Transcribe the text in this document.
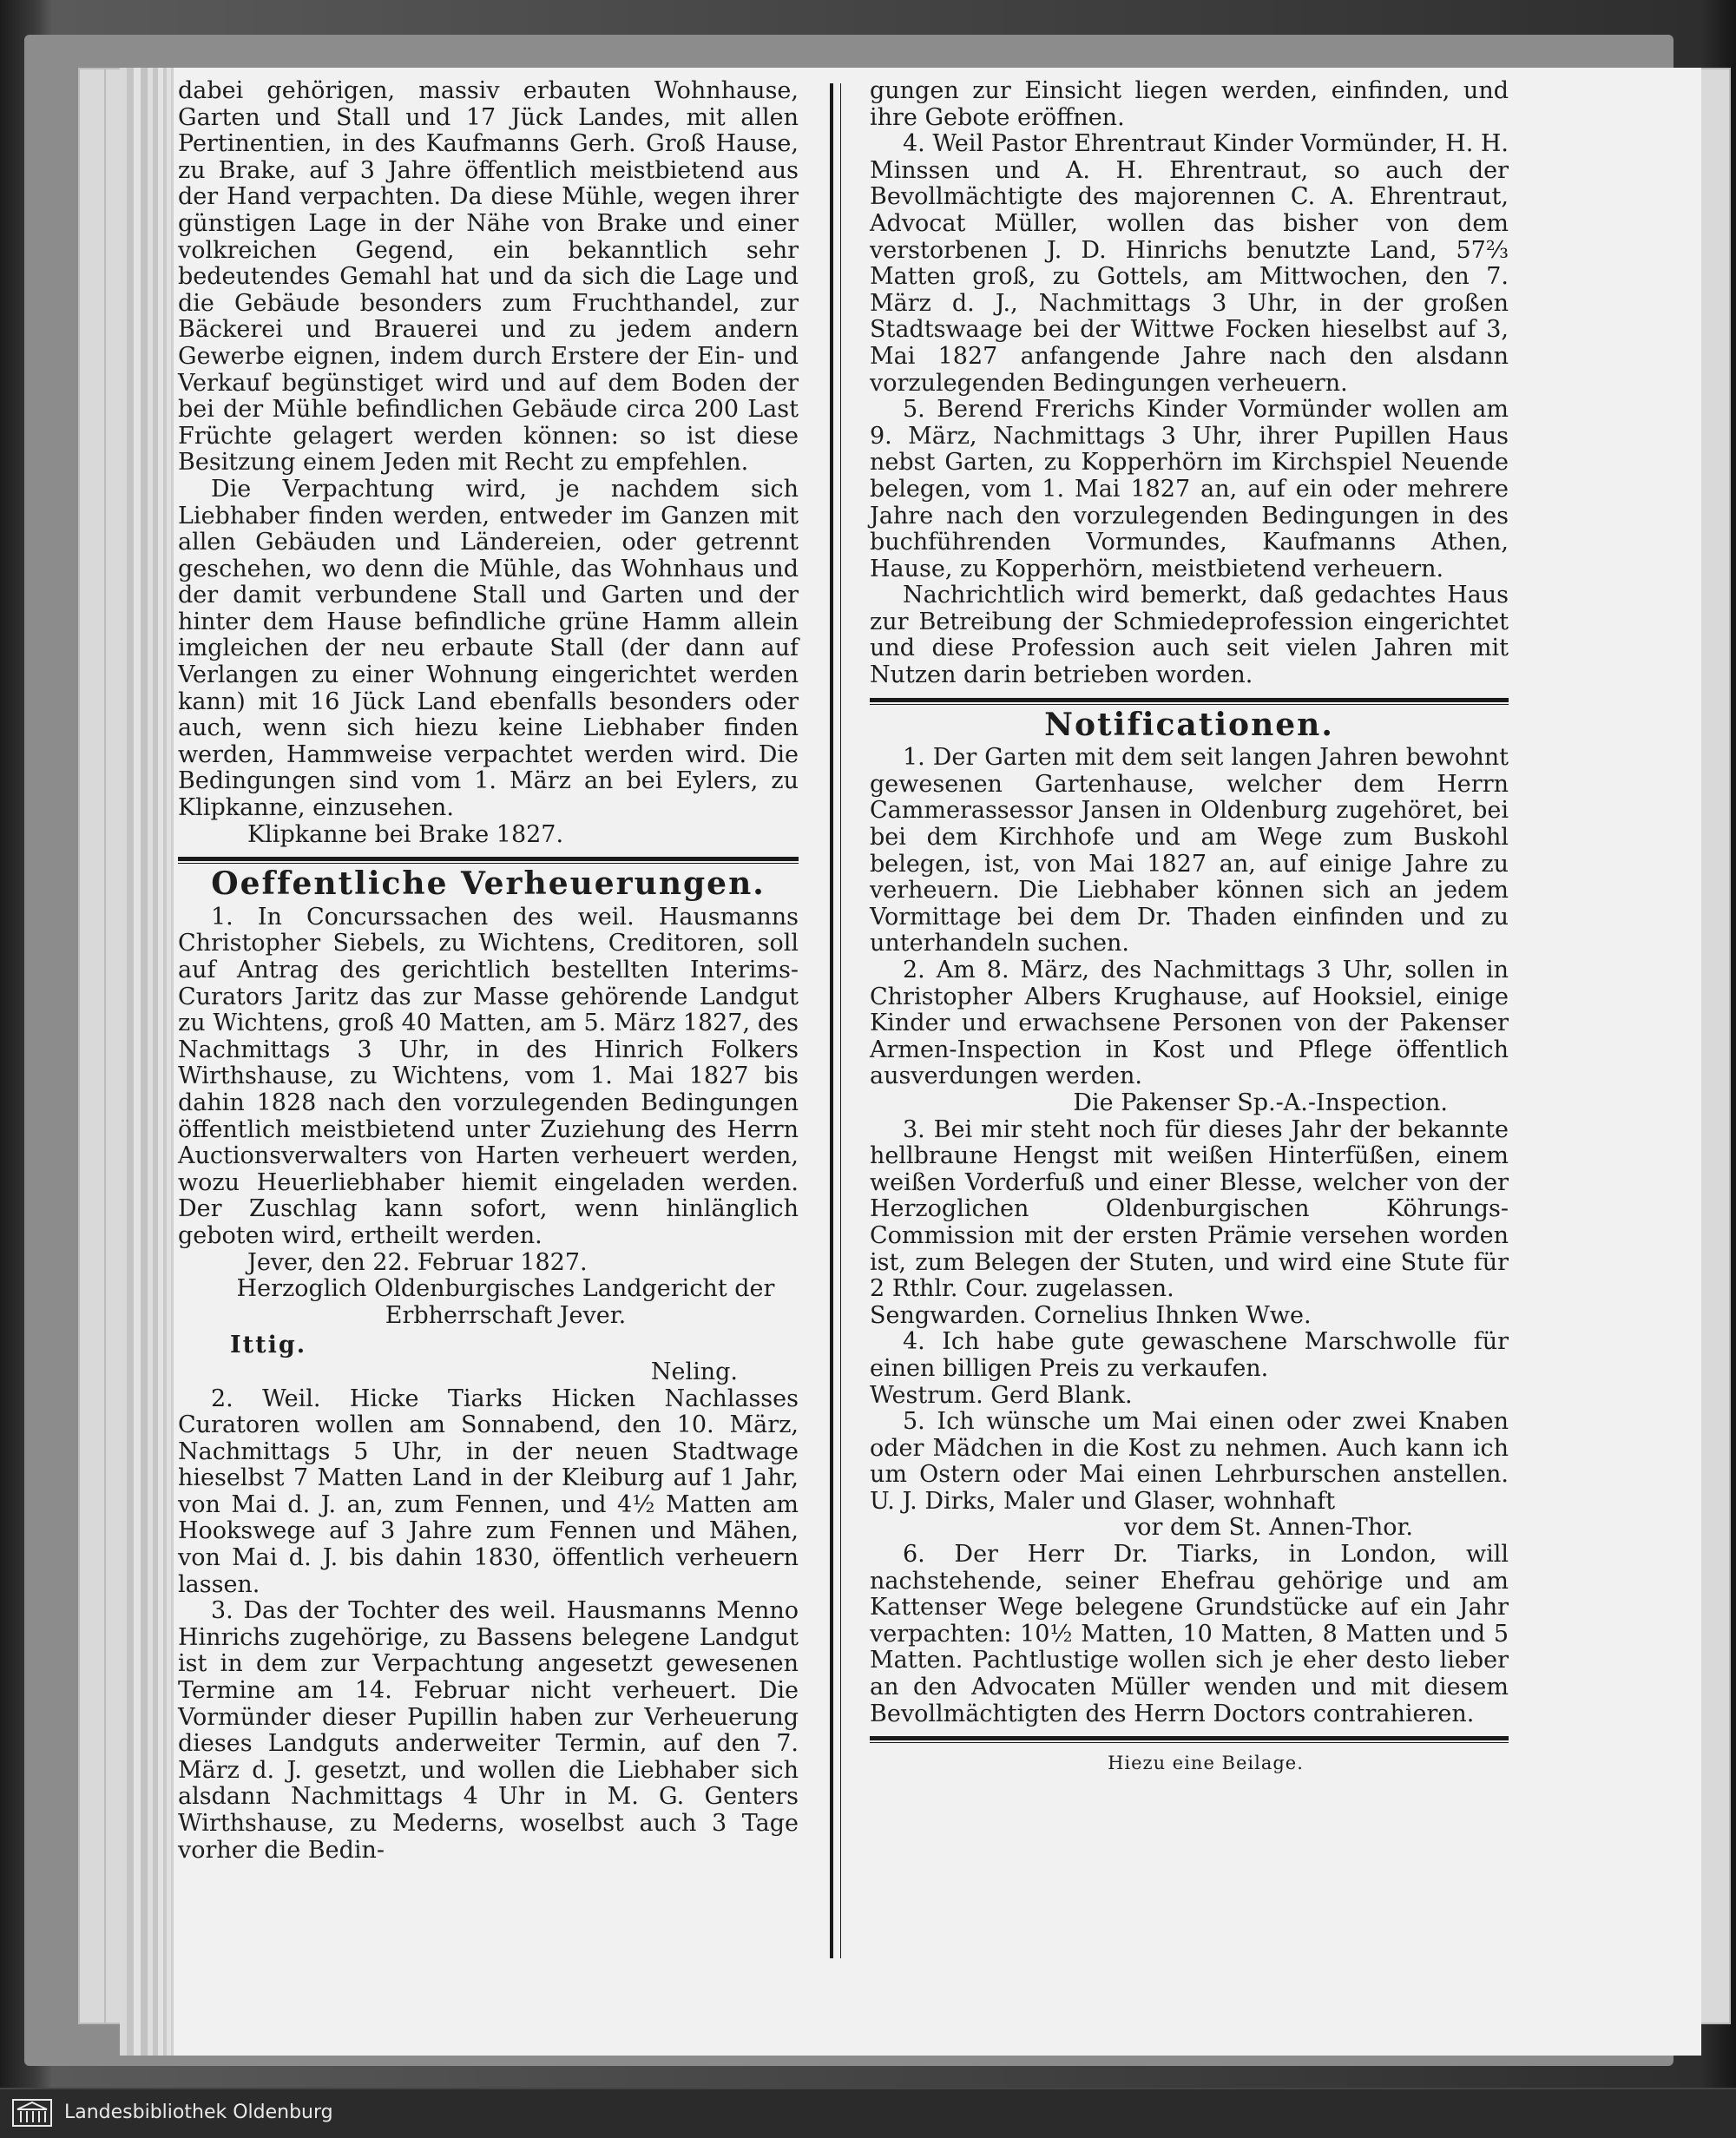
dabei gehörigen, massiv erbauten Wohnhause, Garten und Stall und 17 Jück Landes, mit allen Pertinentien, in des Kaufmanns Gerh. Groß Hause, zu Brake, auf 3 Jahre öffentlich meistbietend aus der Hand verpachten. Da diese Mühle, wegen ihrer günstigen Lage in der Nähe von Brake und einer volkreichen Gegend, ein bekanntlich sehr bedeutendes Gemahl hat und da sich die Lage und die Gebäude besonders zum Fruchthandel, zur Bäckerei und Brauerei und zu jedem andern Gewerbe eignen, indem durch Erstere der Ein- und Verkauf begünstiget wird und auf dem Boden der bei der Mühle befindlichen Gebäude circa 200 Last Früchte gelagert werden können: so ist diese Besitzung einem Jeden mit Recht zu empfehlen.

Die Verpachtung wird, je nachdem sich Liebhaber finden werden, entweder im Ganzen mit allen Gebäuden und Ländereien, oder getrennt geschehen, wo denn die Mühle, das Wohnhaus und der damit verbundene Stall und Garten und der hinter dem Hause befindliche grüne Hamm allein imgleichen der neu erbaute Stall (der dann auf Verlangen zu einer Wohnung eingerichtet werden kann) mit 16 Jück Land ebenfalls besonders oder auch, wenn sich hiezu keine Liebhaber finden werden, Hammweise verpachtet werden wird. Die Bedingungen sind vom 1. März an bei Eylers, zu Klipkanne, einzusehen.

Klipkanne bei Brake 1827.

Oeffentliche Verheuerungen.

1. In Concurssachen des weil. Hausmanns Christopher Siebels, zu Wichtens, Creditoren, soll auf Antrag des gerichtlich bestellten Interims-Curators Jaritz das zur Masse gehörende Landgut zu Wichtens, groß 40 Matten, am 5. März 1827, des Nachmittags 3 Uhr, in des Hinrich Folkers Wirthshause, zu Wichtens, vom 1. Mai 1827 bis dahin 1828 nach den vorzulegenden Bedingungen öffentlich meistbietend unter Zuziehung des Herrn Auctionsverwalters von Harten verheuert werden, wozu Heuerliebhaber hiemit eingeladen werden. Der Zuschlag kann sofort, wenn hinlänglich geboten wird, ertheilt werden.

Jever, den 22. Februar 1827.

Herzoglich Oldenburgisches Landgericht der Erbherrschaft Jever.

Ittig.

Neling.

2. Weil. Hicke Tiarks Hicken Nachlasses Curatoren wollen am Sonnabend, den 10. März, Nachmittags 5 Uhr, in der neuen Stadtwage hieselbst 7 Matten Land in der Kleiburg auf 1 Jahr, von Mai d. J. an, zum Fennen, und 4½ Matten am Hookswege auf 3 Jahre zum Fennen und Mähen, von Mai d. J. bis dahin 1830, öffentlich verheuern lassen.

3. Das der Tochter des weil. Hausmanns Menno Hinrichs zugehörige, zu Bassens belegene Landgut ist in dem zur Verpachtung angesetzt gewesenen Termine am 14. Februar nicht verheuert. Die Vormünder dieser Pupillin haben zur Verheuerung dieses Landguts anderweiter Termin, auf den 7. März d. J. gesetzt, und wollen die Liebhaber sich alsdann Nachmittags 4 Uhr in M. G. Genters Wirthshause, zu Mederns, woselbst auch 3 Tage vorher die Bedin-

gungen zur Einsicht liegen werden, einfinden, und ihre Gebote eröffnen.

4. Weil Pastor Ehrentraut Kinder Vormünder, H. H. Minssen und A. H. Ehrentraut, so auch der Bevollmächtigte des majorennen C. A. Ehrentraut, Advocat Müller, wollen das bisher von dem verstorbenen J. D. Hinrichs benutzte Land, 57⅔ Matten groß, zu Gottels, am Mittwochen, den 7. März d. J., Nachmittags 3 Uhr, in der großen Stadtswaage bei der Wittwe Focken hieselbst auf 3, Mai 1827 anfangende Jahre nach den alsdann vorzulegenden Bedingungen verheuern.

5. Berend Frerichs Kinder Vormünder wollen am 9. März, Nachmittags 3 Uhr, ihrer Pupillen Haus nebst Garten, zu Kopperhörn im Kirchspiel Neuende belegen, vom 1. Mai 1827 an, auf ein oder mehrere Jahre nach den vorzulegenden Bedingungen in des buchführenden Vormundes, Kaufmanns Athen, Hause, zu Kopperhörn, meistbietend verheuern.

Nachrichtlich wird bemerkt, daß gedachtes Haus zur Betreibung der Schmiedeprofession eingerichtet und diese Profession auch seit vielen Jahren mit Nutzen darin betrieben worden.

Notificationen.

1. Der Garten mit dem seit langen Jahren bewohnt gewesenen Gartenhause, welcher dem Herrn Cammerassessor Jansen in Oldenburg zugehöret, bei bei dem Kirchhofe und am Wege zum Buskohl belegen, ist, von Mai 1827 an, auf einige Jahre zu verheuern. Die Liebhaber können sich an jedem Vormittage bei dem Dr. Thaden einfinden und zu unterhandeln suchen.

2. Am 8. März, des Nachmittags 3 Uhr, sollen in Christopher Albers Krughause, auf Hooksiel, einige Kinder und erwachsene Personen von der Pakenser Armen-Inspection in Kost und Pflege öffentlich ausverdungen werden.

Die Pakenser Sp.-A.-Inspection.

3. Bei mir steht noch für dieses Jahr der bekannte hellbraune Hengst mit weißen Hinterfüßen, einem weißen Vorderfuß und einer Blesse, welcher von der Herzoglichen Oldenburgischen Köhrungs-Commission mit der ersten Prämie versehen worden ist, zum Belegen der Stuten, und wird eine Stute für 2 Rthlr. Cour. zugelassen.

Sengwarden. Cornelius Ihnken Wwe.

4. Ich habe gute gewaschene Marschwolle für einen billigen Preis zu verkaufen.

Westrum. Gerd Blank.

5. Ich wünsche um Mai einen oder zwei Knaben oder Mädchen in die Kost zu nehmen. Auch kann ich um Ostern oder Mai einen Lehrburschen anstellen. U. J. Dirks, Maler und Glaser, wohnhaft

vor dem St. Annen-Thor.

6. Der Herr Dr. Tiarks, in London, will nachstehende, seiner Ehefrau gehörige und am Kattenser Wege belegene Grundstücke auf ein Jahr verpachten: 10½ Matten, 10 Matten, 8 Matten und 5 Matten. Pachtlustige wollen sich je eher desto lieber an den Advocaten Müller wenden und mit diesem Bevollmächtigten des Herrn Doctors contrahieren.

Hiezu eine Beilage.

Landesbibliothek Oldenburg
